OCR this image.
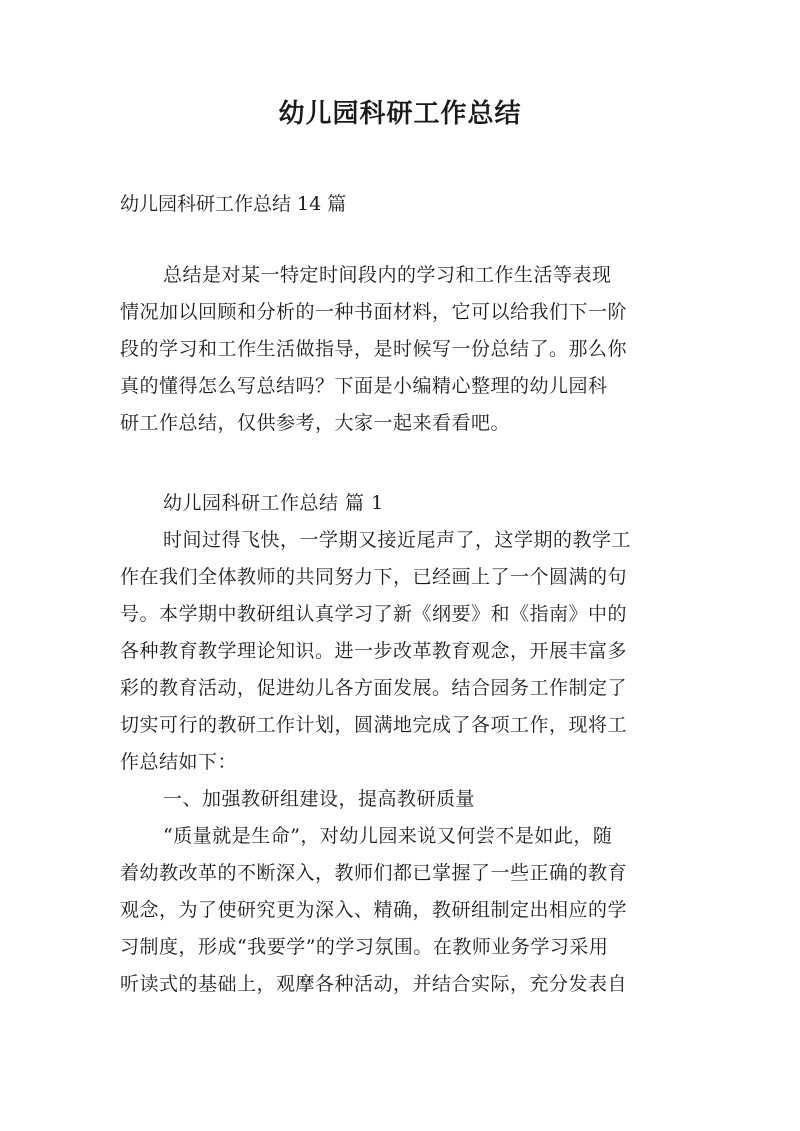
幼儿园科研工作总结
幼儿园科研工作总结 14 篇
总结是对某一特定时间段内的学习和工作生活等表现
情况加以回顾和分析的一种书面材料，它可以给我们下一阶
段的学习和工作生活做指导，是时候写一份总结了。那么你
真的懂得怎么写总结吗？下面是小编精心整理的幼儿园科
研工作总结，仅供参考，大家一起来看看吧。
幼儿园科研工作总结 篇 1
时间过得飞快，一学期又接近尾声了，这学期的教学工
作在我们全体教师的共同努力下，已经画上了一个圆满的句
号。本学期中教研组认真学习了新《纲要》和《指南》中的
各种教育教学理论知识。进一步改革教育观念，开展丰富多
彩的教育活动，促进幼儿各方面发展。结合园务工作制定了
切实可行的教研工作计划，圆满地完成了各项工作，现将工
作总结如下：
一、加强教研组建设，提高教研质量
“质量就是生命”，对幼儿园来说又何尝不是如此，随
着幼教改革的不断深入，教师们都已掌握了一些正确的教育
观念，为了使研究更为深入、精确，教研组制定出相应的学
习制度，形成“我要学”的学习氛围。在教师业务学习采用
听读式的基础上，观摩各种活动，并结合实际，充分发表自
